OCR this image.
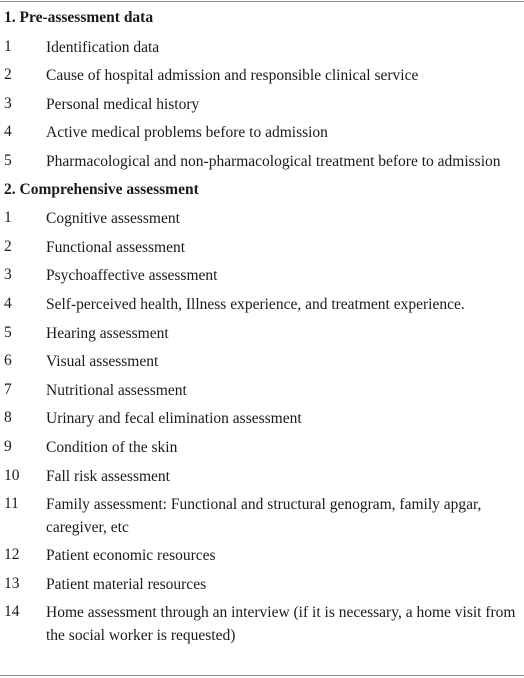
1. Pre-assessment data
1 Identification data
2 Cause of hospital admission and responsible clinical service
3 Personal medical history
4 Active medical problems before to admission
5 Pharmacological and non-pharmacological treatment before to admission
2. Comprehensive assessment
1 Cognitive assessment
2 Functional assessment
3 Psychoaffective assessment
4 Self-perceived health, Illness experience, and treatment experience.
5 Hearing assessment
6 Visual assessment
7 Nutritional assessment
8 Urinary and fecal elimination assessment
9 Condition of the skin
10 Fall risk assessment
11 Family assessment: Functional and structural genogram, family apgar, caregiver, etc
12 Patient economic resources
13 Patient material resources
14 Home assessment through an interview (if it is necessary, a home visit from the social worker is requested)
